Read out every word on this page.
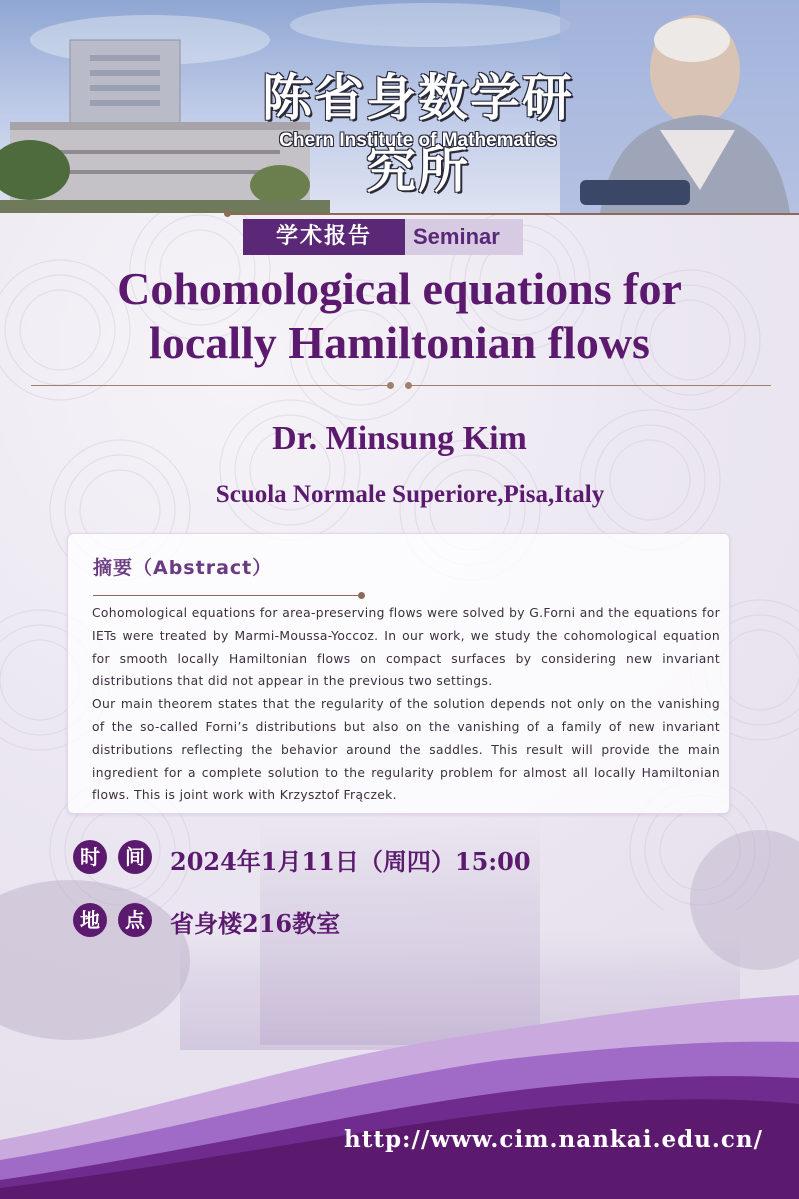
陈省身数学研究所
Chern Institute of Mathematics
学术报告	Seminar
Cohomological equations for
locally Hamiltonian flows
Dr. Minsung Kim
Scuola Normale Superiore,Pisa,Italy
摘要（Abstract）

Cohomological equations for area-preserving flows were solved by G.Forni and the equations for IETs were treated by Marmi-Moussa-Yoccoz. In our work, we study the cohomological equation for smooth locally Hamiltonian flows on compact surfaces by considering new invariant distributions that did not appear in the previous two settings.

Our main theorem states that the regularity of the solution depends not only on the vanishing of the so-called Forni’s distributions but also on the vanishing of a family of new invariant distributions reflecting the behavior around the saddles. This result will provide the main ingredient for a complete solution to the regularity problem for almost all locally Hamiltonian flows. This is joint work with Krzysztof Frączek.

时	间 2024年1月11日（周四）15:00
地	点 省身楼216教室
http://www.cim.nankai.edu.cn/
